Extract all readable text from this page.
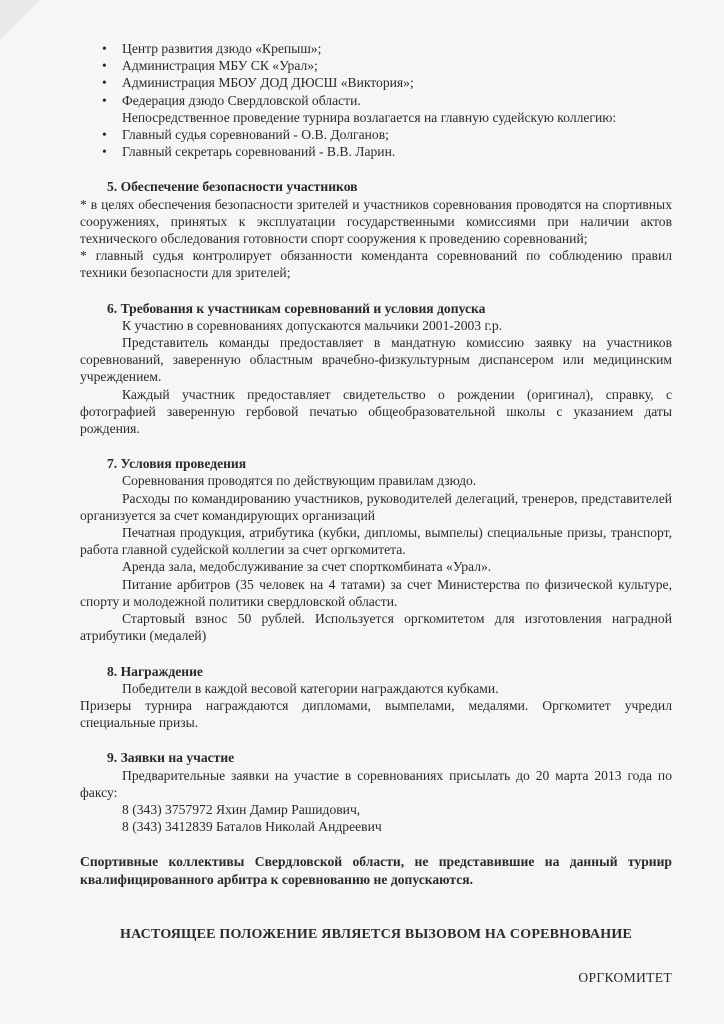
• Центр развития дзюдо «Крепыш»;
• Администрация МБУ СК «Урал»;
• Администрация МБОУ ДОД ДЮСШ «Виктория»;
• Федерация дзюдо Свердловской области.

Непосредственное проведение турнира возлагается на главную судейскую коллегию:

• Главный судья соревнований - О.В. Долганов;
• Главный секретарь соревнований - В.В. Ларин.

5. Обеспечение безопасности участников

* в целях обеспечения безопасности зрителей и участников соревнования проводятся на спортивных сооружениях, принятых к эксплуатации государственными комиссиями при наличии актов технического обследования готовности спорт сооружения к проведению соревнований;

* главный судья контролирует обязанности коменданта соревнований по соблюдению правил техники безопасности для зрителей;

6. Требования к участникам соревнований и условия допуска

К участию в соревнованиях допускаются мальчики 2001-2003 г.р.

Представитель команды предоставляет в мандатную комиссию заявку на участников соревнований, заверенную областным врачебно-физкультурным диспансером или медицинским учреждением.

Каждый участник предоставляет свидетельство о рождении (оригинал), справку, с фотографией заверенную гербовой печатью общеобразовательной школы с указанием даты рождения.

7. Условия проведения

Соревнования проводятся по действующим правилам дзюдо.

Расходы по командированию участников, руководителей делегаций, тренеров, представителей организуется за счет командирующих организаций

Печатная продукция, атрибутика (кубки, дипломы, вымпелы) специальные призы, транспорт, работа главной судейской коллегии за счет оргкомитета.

Аренда зала, медобслуживание за счет спорткомбината «Урал».

Питание арбитров (35 человек на 4 татами) за счет Министерства по физической культуре, спорту и молодежной политики свердловской области.

Стартовый взнос 50 рублей. Используется оргкомитетом для изготовления наградной атрибутики (медалей)

8. Награждение

Победители в каждой весовой категории награждаются кубками.

Призеры турнира награждаются дипломами, вымпелами, медалями. Оргкомитет учредил специальные призы.

9. Заявки на участие

Предварительные заявки на участие в соревнованиях присылать до 20 марта 2013 года по факсу:

8 (343) 3757972 Яхин Дамир Рашидович,

8 (343) 3412839 Баталов Николай Андреевич

Спортивные коллективы Свердловской области, не представившие на данный турнир квалифицированного арбитра к соревнованию не допускаются.

НАСТОЯЩЕЕ ПОЛОЖЕНИЕ ЯВЛЯЕТСЯ ВЫЗОВОМ НА СОРЕВНОВАНИЕ

ОРГКОМИТЕТ
